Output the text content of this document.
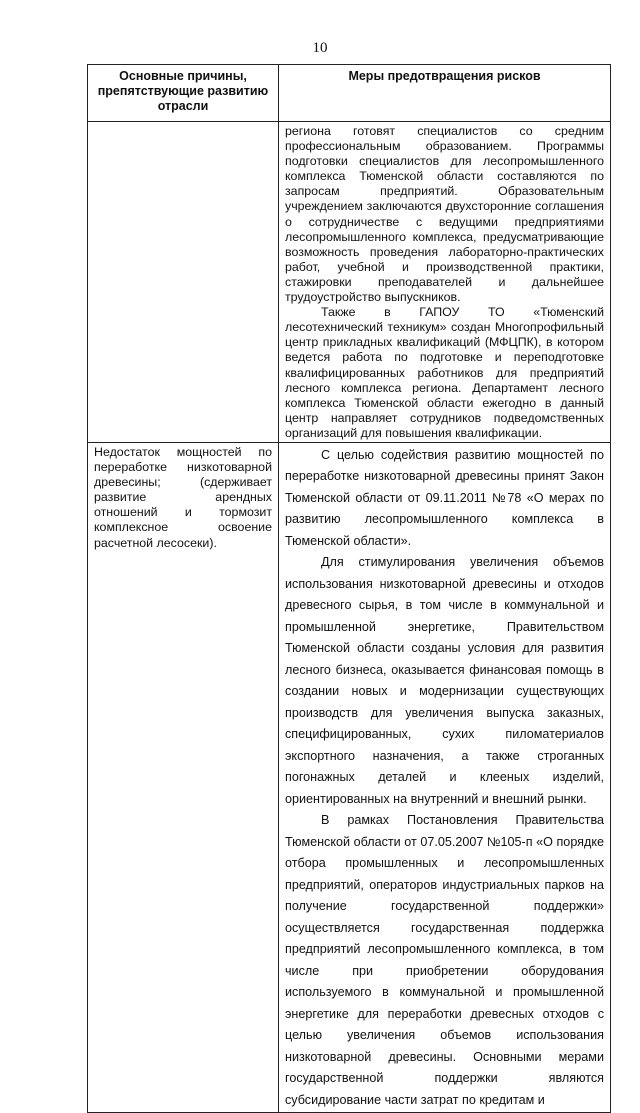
10
Основные причины, препятствующие развитию отрасли	Меры предотвращения рисков

	региона готовят специалистов со средним профессиональным образованием. Программы подготовки специалистов для лесопромышленного комплекса Тюменской области составляются по запросам предприятий. Образовательным учреждением заключаются двухсторонние соглашения о сотрудничестве с ведущими предприятиями лесопромышленного комплекса, предусматривающие возможность проведения лабораторно-практических работ, учебной и производственной практики, стажировки преподавателей и дальнейшее трудоустройство выпускников.

Также в ГАПОУ ТО «Тюменский лесотехнический техникум» создан Многопрофильный центр прикладных квалификаций (МФЦПК), в котором ведется работа по подготовке и переподготовке квалифицированных работников для предприятий лесного комплекса региона. Департамент лесного комплекса Тюменской области ежегодно в данный центр направляет сотрудников подведомственных организаций для повышения квалификации.

Недостаток мощностей по переработке низкотоварной древесины; (сдерживает развитие арендных отношений и тормозит комплексное освоение расчетной лесосеки).	С целью содействия развитию мощностей по переработке низкотоварной древесины принят Закон Тюменской области от 09.11.2011 №78 «О мерах по развитию лесопромышленного комплекса в Тюменской области».

Для стимулирования увеличения объемов использования низкотоварной древесины и отходов древесного сырья, в том числе в коммунальной и промышленной энергетике, Правительством Тюменской области созданы условия для развития лесного бизнеса, оказывается финансовая помощь в создании новых и модернизации существующих производств для увеличения выпуска заказных, специфицированных, сухих пиломатериалов экспортного назначения, а также строганных погонажных деталей и клееных изделий, ориентированных на внутренний и внешний рынки.

В рамках Постановления Правительства Тюменской области от 07.05.2007 №105-п «О порядке отбора промышленных и лесопромышленных предприятий, операторов индустриальных парков на получение государственной поддержки» осуществляется государственная поддержка предприятий лесопромышленного комплекса, в том числе при приобретении оборудования используемого в коммунальной и промышленной энергетике для переработки древесных отходов с целью увеличения объемов использования низкотоварной древесины. Основными мерами государственной поддержки являются субсидирование части затрат по кредитам и
